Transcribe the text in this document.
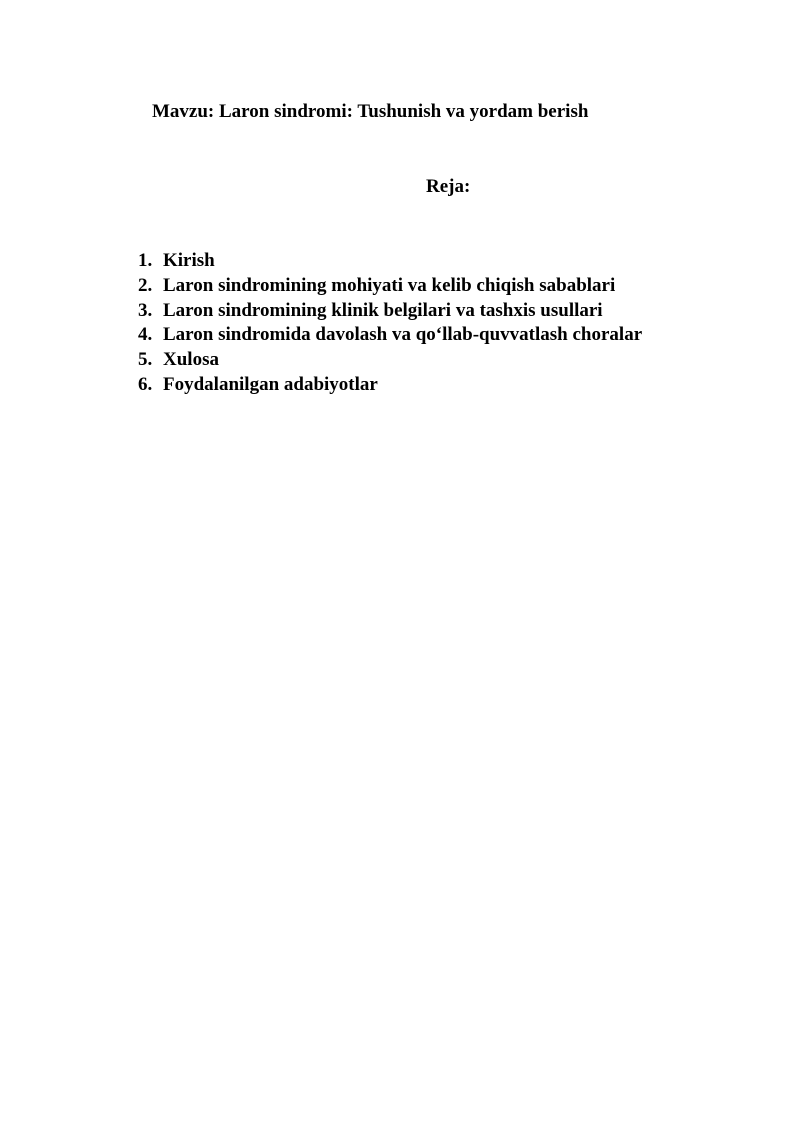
Mavzu: Laron sindromi: Tushunish va yordam berish
Reja:
1. Kirish
2. Laron sindromining mohiyati va kelib chiqish sabablari
3. Laron sindromining klinik belgilari va tashxis usullari
4. Laron sindromida davolash va qo‘llab-quvvatlash choralar
5. Xulosa
6. Foydalanilgan adabiyotlar
